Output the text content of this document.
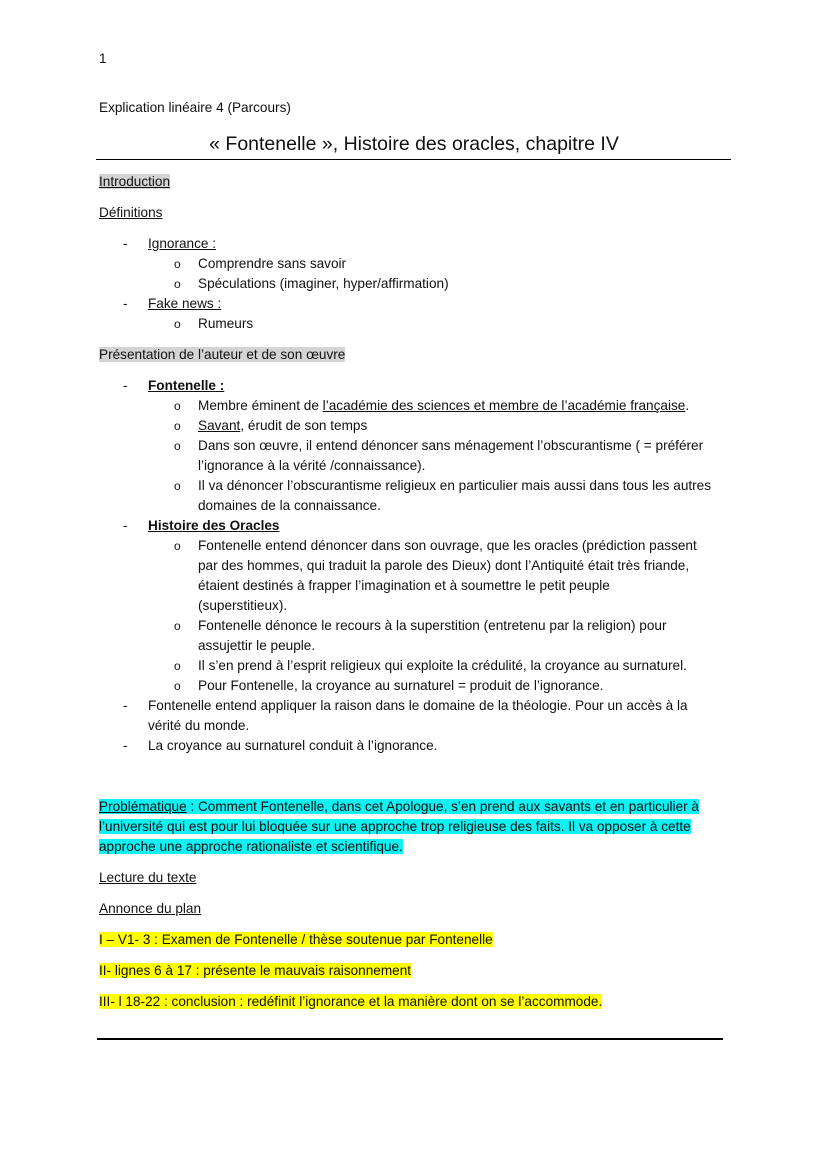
1
Explication linéaire 4 (Parcours)
« Fontenelle », Histoire des oracles, chapitre IV
Introduction
Définitions
- Ignorance :
o Comprendre sans savoir
o Spéculations (imaginer, hyper/affirmation)
- Fake news :
o Rumeurs
Présentation de l’auteur et de son œuvre
- Fontenelle :
o Membre éminent de l’académie des sciences et membre de l’académie française.
o Savant, érudit de son temps
o Dans son œuvre, il entend dénoncer sans ménagement l’obscurantisme ( = préférer
l’ignorance à la vérité /connaissance).
o Il va dénoncer l’obscurantisme religieux en particulier mais aussi dans tous les autres
domaines de la connaissance.
- Histoire des Oracles
o Fontenelle entend dénoncer dans son ouvrage, que les oracles (prédiction passent
par des hommes, qui traduit la parole des Dieux) dont l’Antiquité était très friande,
étaient destinés à frapper l’imagination et à soumettre le petit peuple
(superstitieux).
o Fontenelle dénonce le recours à la superstition (entretenu par la religion) pour
assujettir le peuple.
o Il s’en prend à l’esprit religieux qui exploite la crédulité, la croyance au surnaturel.
o Pour Fontenelle, la croyance au surnaturel = produit de l’ignorance.
- Fontenelle entend appliquer la raison dans le domaine de la théologie. Pour un accès à la
vérité du monde.
- La croyance au surnaturel conduit à l’ignorance.
Problématique : Comment Fontenelle, dans cet Apologue, s’en prend aux savants et en particulier à
l’université qui est pour lui bloquée sur une approche trop religieuse des faits. Il va opposer à cette
approche une approche rationaliste et scientifique.
Lecture du texte
Annonce du plan
I – V1- 3 : Examen de Fontenelle / thèse soutenue par Fontenelle
II- lignes 6 à 17 : présente le mauvais raisonnement
III- l 18-22 : conclusion : redéfinit l’ignorance et la manière dont on se l’accommode.
